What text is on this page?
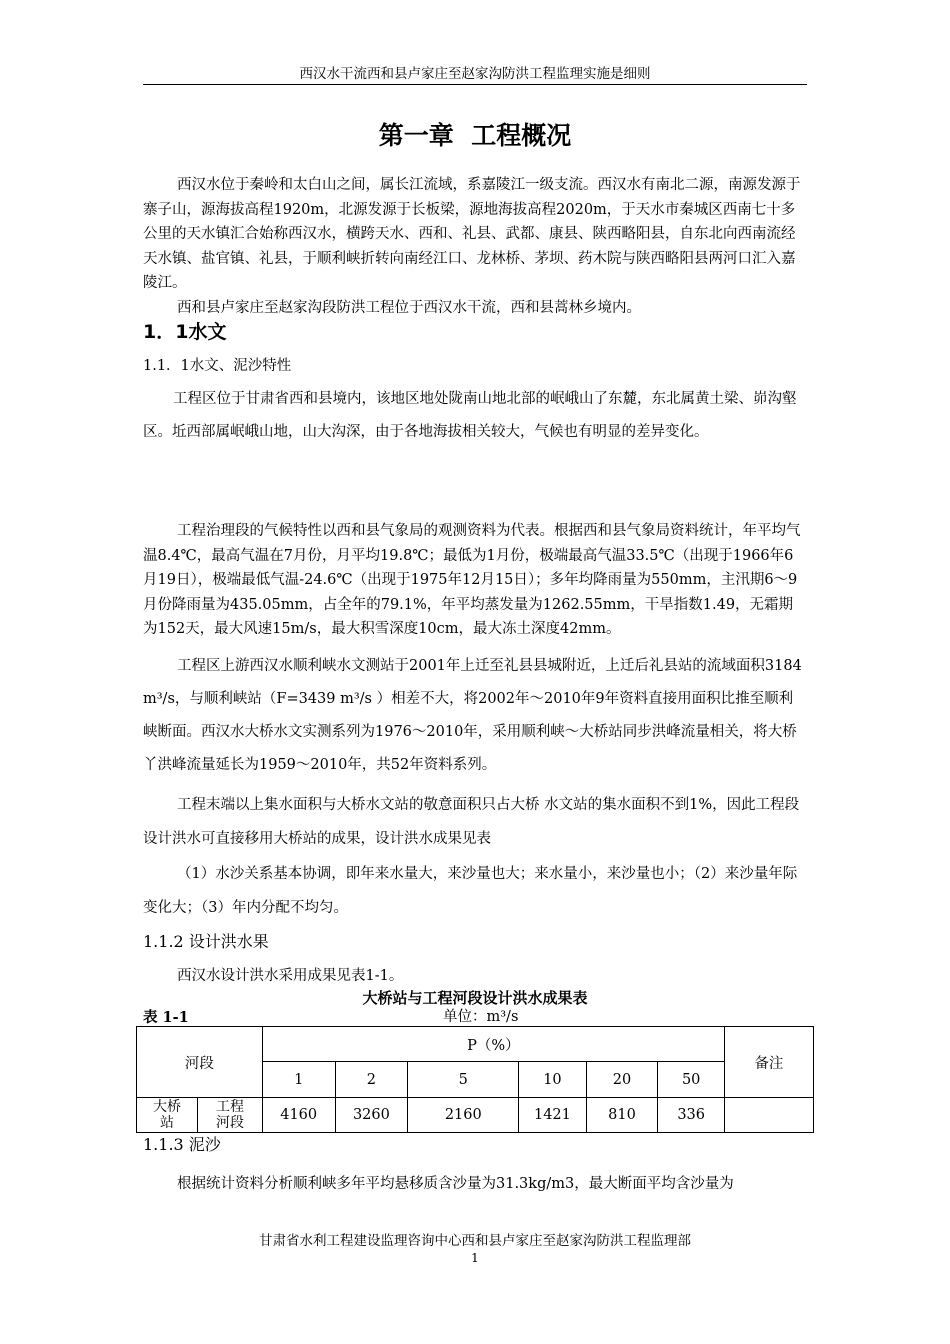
西汉水干流西和县卢家庄至赵家沟防洪工程监理实施是细则
第一章  工程概况

西汉水位于秦岭和太白山之间，属长江流域，系嘉陵江一级支流。西汉水有南北二源，南源发源于寨子山，源海拔高程1920m，北源发源于长板梁，源地海拔高程2020m，于天水市秦城区西南七十多公里的天水镇汇合始称西汉水，横跨天水、西和、礼县、武都、康县、陕西略阳县，自东北向西南流经天水镇、盐官镇、礼县，于顺利峡折转向南经江口、龙林桥、茅坝、药木院与陕西略阳县两河口汇入嘉陵江。

西和县卢家庄至赵家沟段防洪工程位于西汉水干流，西和县蒿林乡境内。

1．1水文
1.1．1水文、泥沙特性

工程区位于甘肃省西和县境内，该地区地处陇南山地北部的岷峨山了东麓，东北属黄土梁、峁沟壑区。坵西部属岷峨山地，山大沟深，由于各地海拔相关较大，气候也有明显的差异变化。

工程治理段的气候特性以西和县气象局的观测资料为代表。根据西和县气象局资料统计，年平均气温8.4℃，最高气温在7月份，月平均19.8℃；最低为1月份，极端最高气温33.5℃（出现于1966年6月19日），极端最低气温-24.6℃（出现于1975年12月15日）；多年均降雨量为550mm，主汛期6～9月份降雨量为435.05mm，占全年的79.1%，年平均蒸发量为1262.55mm，干旱指数1.49，无霜期为152天，最大风速15m/s，最大积雪深度10cm，最大冻土深度42mm。

工程区上游西汉水顺利峡水文测站于2001年上迁至礼县县城附近，上迁后礼县站的流域面积3184 m³/s，与顺利峡站（F=3439 m³/s ）相差不大，将2002年～2010年9年资料直接用面积比推至顺利峡断面。西汉水大桥水文实测系列为1976～2010年，采用顺利峡～大桥站同步洪峰流量相关，将大桥丫洪峰流量延长为1959～2010年，共52年资料系列。

工程末端以上集水面积与大桥水文站的敬意面积只占大桥 水文站的集水面积不到1%，因此工程段设计洪水可直接移用大桥站的成果，设计洪水成果见表

（1）水沙关系基本协调，即年来水量大，来沙量也大；来水量小，来沙量也小；（2）来沙量年际变化大；（3）年内分配不均匀。

1.1.2 设计洪水果

西汉水设计洪水采用成果见表1-1。

大桥站与工程河段设计洪水成果表
表 1-1	单位：m³/s
河段		P（%）						备注
		1	2	5	10	20	50	

大桥站	工程河段	4160	3260	2160	1421	810	336	
1.1.3 泥沙

根据统计资料分析顺利峡多年平均悬移质含沙量为31.3kg/m3，最大断面平均含沙量为

甘肃省水利工程建设监理咨询中心西和县卢家庄至赵家沟防洪工程监理部
1
